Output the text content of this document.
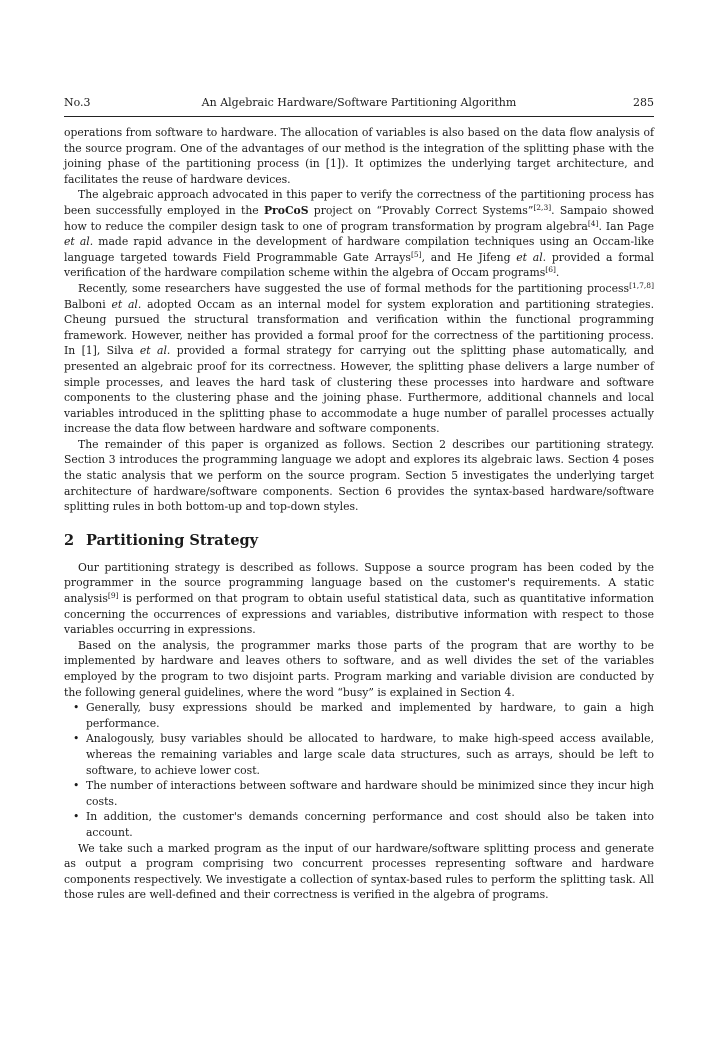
No.3	An Algebraic Hardware/Software Partitioning Algorithm	285

operations from software to hardware. The allocation of variables is also based on the data flow analysis of the source program. One of the advantages of our method is the integration of the splitting phase with the joining phase of the partitioning process (in [1]). It optimizes the underlying target architecture, and facilitates the reuse of hardware devices.

The algebraic approach advocated in this paper to verify the correctness of the partitioning process has been successfully employed in the ProCoS project on “Provably Correct Systems”[2,3]. Sampaio showed how to reduce the compiler design task to one of program transformation by program algebra[4]. Ian Page et al. made rapid advance in the development of hardware compilation techniques using an Occam-like language targeted towards Field Programmable Gate Arrays[5], and He Jifeng et al. provided a formal verification of the hardware compilation scheme within the algebra of Occam programs[6].

Recently, some researchers have suggested the use of formal methods for the partitioning process[1,7,8] Balboni et al. adopted Occam as an internal model for system exploration and partitioning strategies. Cheung pursued the structural transformation and verification within the functional programming framework. However, neither has provided a formal proof for the correctness of the partitioning process. In [1], Silva et al. provided a formal strategy for carrying out the splitting phase automatically, and presented an algebraic proof for its correctness. However, the splitting phase delivers a large number of simple processes, and leaves the hard task of clustering these processes into hardware and software components to the clustering phase and the joining phase. Furthermore, additional channels and local variables introduced in the splitting phase to accommodate a huge number of parallel processes actually increase the data flow between hardware and software components.

The remainder of this paper is organized as follows. Section 2 describes our partitioning strategy. Section 3 introduces the programming language we adopt and explores its algebraic laws. Section 4 poses the static analysis that we perform on the source program. Section 5 investigates the underlying target architecture of hardware/software components. Section 6 provides the syntax-based hardware/software splitting rules in both bottom-up and top-down styles.

2 Partitioning Strategy

Our partitioning strategy is described as follows. Suppose a source program has been coded by the programmer in the source programming language based on the customer's requirements. A static analysis[9] is performed on that program to obtain useful statistical data, such as quantitative information concerning the occurrences of expressions and variables, distributive information with respect to those variables occurring in expressions.

Based on the analysis, the programmer marks those parts of the program that are worthy to be implemented by hardware and leaves others to software, and as well divides the set of the variables employed by the program to two disjoint parts. Program marking and variable division are conducted by the following general guidelines, where the word “busy” is explained in Section 4.

• Generally, busy expressions should be marked and implemented by hardware, to gain a high performance.
• Analogously, busy variables should be allocated to hardware, to make high-speed access available, whereas the remaining variables and large scale data structures, such as arrays, should be left to software, to achieve lower cost.
• The number of interactions between software and hardware should be minimized since they incur high costs.
• In addition, the customer's demands concerning performance and cost should also be taken into account.

We take such a marked program as the input of our hardware/software splitting process and generate as output a program comprising two concurrent processes representing software and hardware components respectively. We investigate a collection of syntax-based rules to perform the splitting task. All those rules are well-defined and their correctness is verified in the algebra of programs.
